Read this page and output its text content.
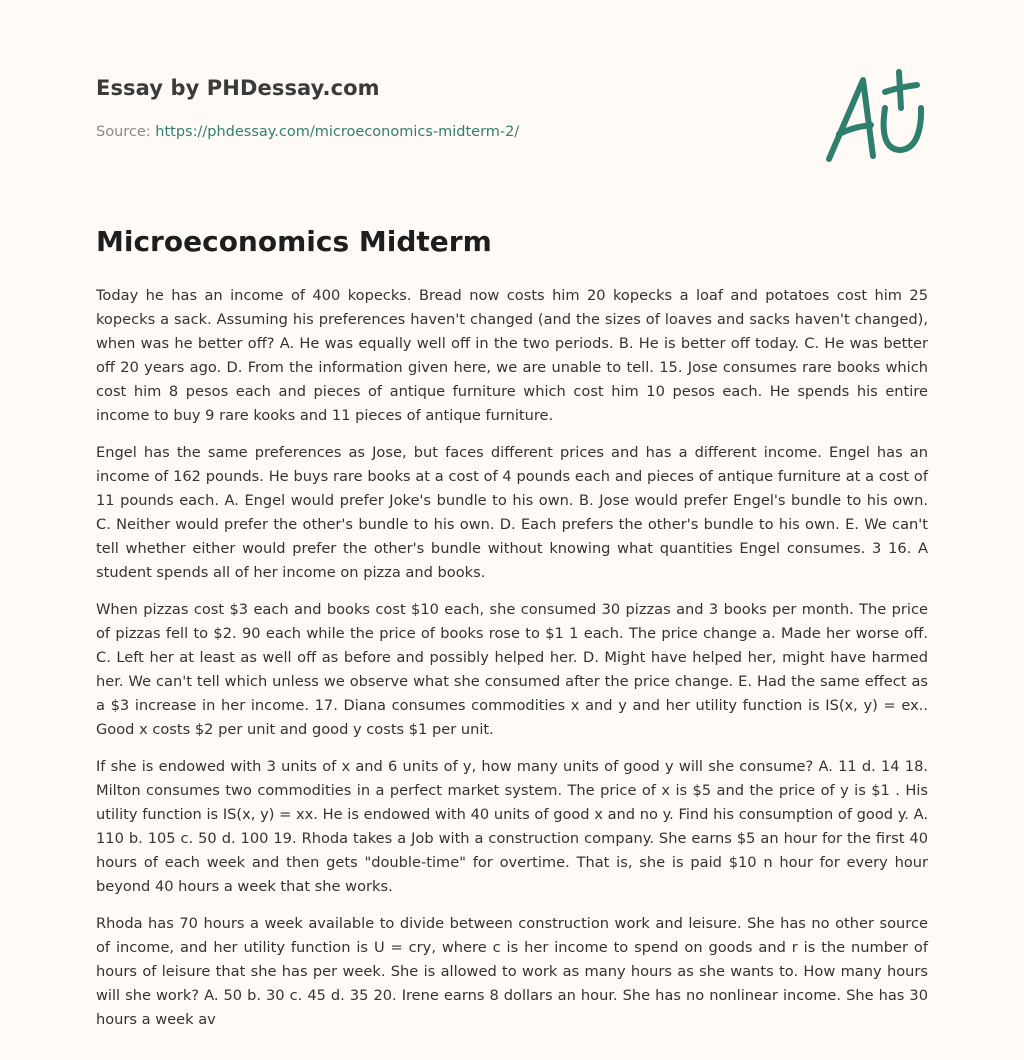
Essay by PHDessay.com
Source: https://phdessay.com/microeconomics-midterm-2/
Microeconomics Midterm

Today he has an income of 400 kopecks. Bread now costs him 20 kopecks a loaf and potatoes cost him 25 kopecks a sack. Assuming his preferences haven't changed (and the sizes of loaves and sacks haven't changed), when was he better off? A. He was equally well off in the two periods. B. He is better off today. C. He was better off 20 years ago. D. From the information given here, we are unable to tell. 15. Jose consumes rare books which cost him 8 pesos each and pieces of antique furniture which cost him 10 pesos each. He spends his entire income to buy 9 rare kooks and 11 pieces of antique furniture.

Engel has the same preferences as Jose, but faces different prices and has a different income. Engel has an income of 162 pounds. He buys rare books at a cost of 4 pounds each and pieces of antique furniture at a cost of 11 pounds each. A. Engel would prefer Joke's bundle to his own. B. Jose would prefer Engel's bundle to his own. C. Neither would prefer the other's bundle to his own. D. Each prefers the other's bundle to his own. E. We can't tell whether either would prefer the other's bundle without knowing what quantities Engel consumes. 3 16. A student spends all of her income on pizza and books.

When pizzas cost $3 each and books cost $10 each, she consumed 30 pizzas and 3 books per month. The price of pizzas fell to $2. 90 each while the price of books rose to $1 1 each. The price change a. Made her worse off. C. Left her at least as well off as before and possibly helped her. D. Might have helped her, might have harmed her. We can't tell which unless we observe what she consumed after the price change. E. Had the same effect as a $3 increase in her income. 17. Diana consumes commodities x and y and her utility function is IS(x, y) = ex.. Good x costs $2 per unit and good y costs $1 per unit.

If she is endowed with 3 units of x and 6 units of y, how many units of good y will she consume? A. 11 d. 14 18. Milton consumes two commodities in a perfect market system. The price of x is $5 and the price of y is $1 . His utility function is IS(x, y) = xx. He is endowed with 40 units of good x and no y. Find his consumption of good y. A. 110 b. 105 c. 50 d. 100 19. Rhoda takes a Job with a construction company. She earns $5 an hour for the first 40 hours of each week and then gets "double-time" for overtime. That is, she is paid $10 n hour for every hour beyond 40 hours a week that she works.

Rhoda has 70 hours a week available to divide between construction work and leisure. She has no other source of income, and her utility function is U = cry, where c is her income to spend on goods and r is the number of hours of leisure that she has per week. She is allowed to work as many hours as she wants to. How many hours will she work? A. 50 b. 30 c. 45 d. 35 20. Irene earns 8 dollars an hour. She has no nonlinear income. She has 30 hours a week av
